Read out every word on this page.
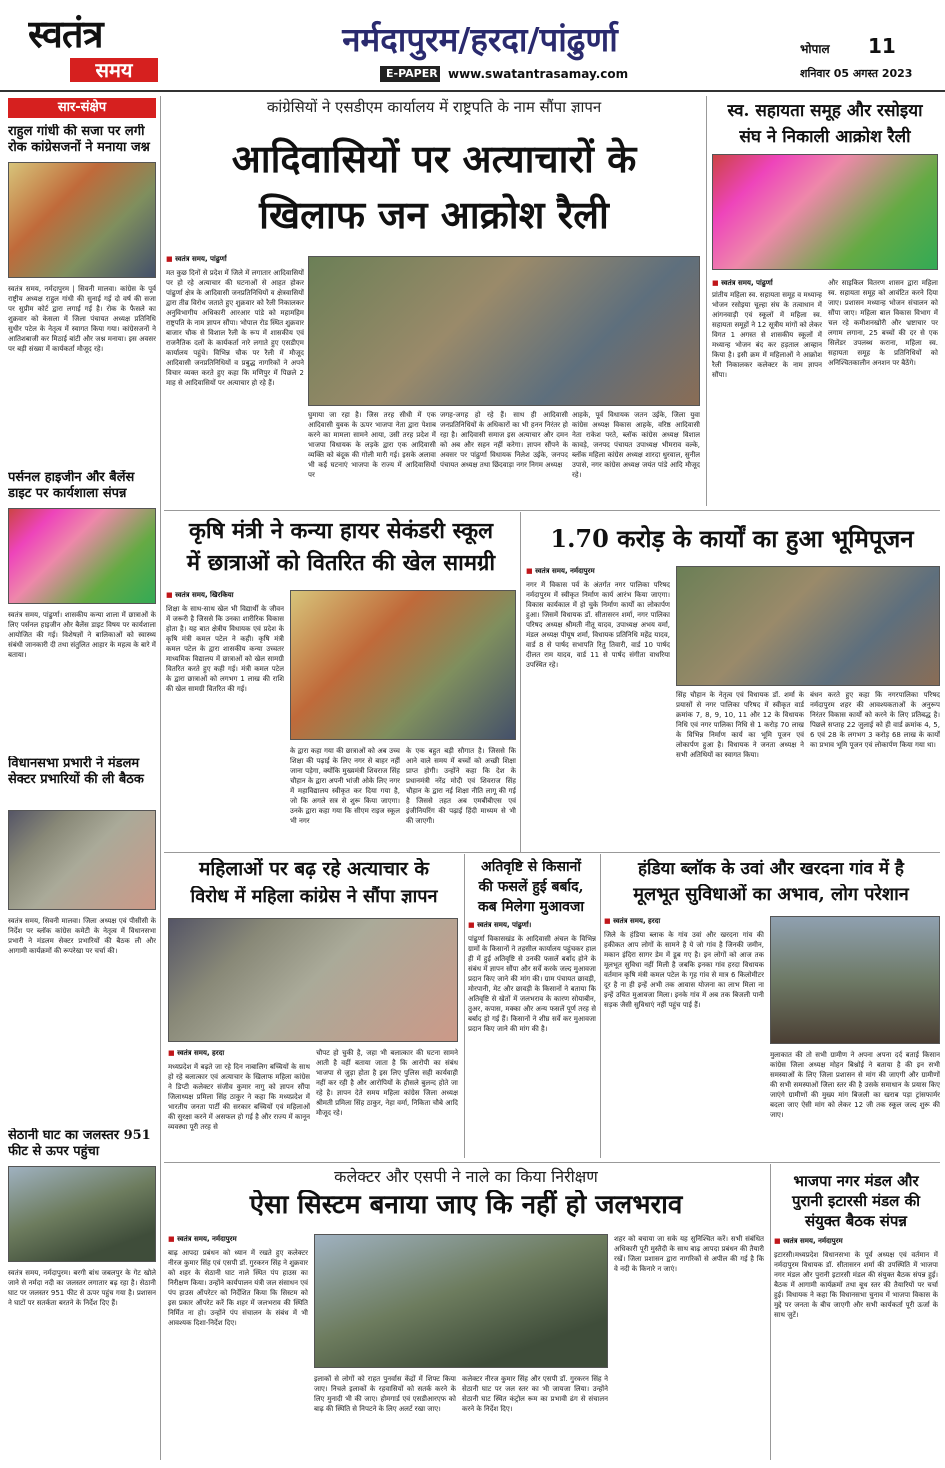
स्वतंत्र
समय
नर्मदापुरम/हरदा/पांढुर्णा
E-PAPER www.swatantrasamay.com
भोपाल	11
शनिवार 05 अगस्त 2023
सार-संक्षेप
राहुल गांधी की सजा पर लगी रोक कांग्रेसजनों ने मनाया जश्न
स्वतंत्र समय, नर्मदापुरम | सिवनी मालवा। कांग्रेस के पूर्व राष्ट्रीय अध्यक्ष राहुल गांधी की सुनाई गई दो वर्ष की सजा पर सुप्रीम कोर्ट द्वारा लगाई गई है। रोक के फैसले का शुक्रवार को केसला में जिला पंचायत अध्यक्ष प्रतिनिधि सुधीर पटेल के नेतृत्व में स्वागत किया गया। कांग्रेसजनों ने आतिशबाजी कर मिठाई बांटी और जश्न मनाया। इस अवसर पर बड़ी संख्या में कार्यकर्ता मौजूद रहे।
पर्सनल हाइजीन और बैलेंस डाइट पर कार्यशाला संपन्न
स्वतंत्र समय, पांढुर्णा। शासकीय कन्या शाला में छात्राओं के लिए पर्सनल हाइजीन और बैलेंस डाइट विषय पर कार्यशाला आयोजित की गई। विशेषज्ञों ने बालिकाओं को स्वास्थ्य संबंधी जानकारी दी तथा संतुलित आहार के महत्व के बारे में बताया।
विधानसभा प्रभारी ने मंडलम सेक्टर प्रभारियों की ली बैठक
स्वतंत्र समय, सिवनी मालवा। जिला अध्यक्ष एवं पीसीसी के निर्देश पर ब्लॉक कांग्रेस कमेटी के नेतृत्व में विधानसभा प्रभारी ने मंडलम सेक्टर प्रभारियों की बैठक ली और आगामी कार्यक्रमों की रूपरेखा पर चर्चा की।
सेठानी घाट का जलस्तर 951 फीट से ऊपर पहुंचा
स्वतंत्र समय, नर्मदापुरम। बरगी बांध जबलपुर के गेट खोले जाने से नर्मदा नदी का जलस्तर लगातार बढ़ रहा है। सेठानी घाट पर जलस्तर 951 फीट से ऊपर पहुंच गया है। प्रशासन ने घाटों पर सतर्कता बरतने के निर्देश दिए हैं।
कांग्रेसियों ने एसडीएम कार्यालय में राष्ट्रपति के नाम सौंपा ज्ञापन
आदिवासियों पर अत्याचारों के
खिलाफ जन आक्रोश रैली
■ स्वतंत्र समय, पांढुर्णा
मत कुछ दिनों से प्रदेश में जिले में लगातार आदिवासियों पर हो रहे अत्याचार की घटनाओं से आहत होकर पांढुर्णा क्षेत्र के आदिवासी जनप्रतिनिधियों व क्षेत्रवासियों द्वारा तीव्र विरोध जताते हुए शुक्रवार को रैली निकालकर अनुविभागीय अधिकारी आरआर पांडे को महामहिम राष्ट्रपति के नाम ज्ञापन सौंपा। भोपाल रोड स्थित शुक्रवार बाजार चौक से विशाल रैली के रूप में शासकीय एवं राजनैतिक दलों के कार्यकर्ता नारे लगाते हुए एसडीएम कार्यालय पहुंचे। विभिन्न चौक पर रैली में मौजूद आदिवासी जनप्रतिनिधियों व प्रबुद्ध नागरिकों ने अपने विचार व्यक्त करते हुए कहा कि मणिपुर में पिछले 2 माह से आदिवासियों पर अत्याचार हो रहे हैं।
घुमाया जा रहा है। जिस तरह सीधी में एक आदिवासी युवक के ऊपर भाजपा नेता द्वारा पेशाब करने का मामला सामने आया, उसी तरह प्रदेश में भाजपा विधायक के लड़के द्वारा एक आदिवासी व्यक्ति को बंदूक की गोली मारी गई। इसके अलावा भी कई घटनाएं भाजपा के राज्य में आदिवासियों पर
जगह-जगह हो रहे हैं। साथ ही आदिवासी जनप्रतिनिधियों के अधिकारों का भी हनन निरंतर हो रहा है। आदिवासी समाज इस अत्याचार और दमन को अब और सहन नहीं करेगा। ज्ञापन सौंपने के अवसर पर पांढुर्णा विधायक निलेश उईके, जनपद पंचायत अध्यक्ष तथा छिंदवाड़ा नगर निगम अध्यक्ष
आहके, पूर्व विधायक जतन उईके, जिला युवा कांग्रेस अध्यक्ष विकास आहके, वरिष्ठ आदिवासी नेता राकेश परते, ब्लॉक कांग्रेस अध्यक्ष विशाल कावड़े, जनपद पंचायत उपाध्यक्ष भीमराव वल्के, ब्लॉक महिला कांग्रेस अध्यक्ष शारदा धुरवाल, सुनील उपासे, नगर कांग्रेस अध्यक्ष जयंत पांडे आदि मौजूद रहे।
स्व. सहायता समूह और रसोइया
संघ ने निकाली आक्रोश रैली
■ स्वतंत्र समय, पांढुर्णा
प्रांतीय महिला स्व. सहायता समूह व मध्यान्ह भोजन रसोइया चूल्हा संघ के तत्वाधान में आंगनवाड़ी एवं स्कूलों में महिला स्व. सहायता समूहों ने 12 सूत्रीय मांगों को लेकर विगत 1 अगस्त से शासकीय स्कूलों में मध्यान्ह भोजन बंद कर हड़ताल आव्हान किया है। इसी क्रम में महिलाओं ने आक्रोश रैली निकालकर कलेक्टर के नाम ज्ञापन सौंपा।
और साइकिल वितरण शासन द्वारा महिला स्व. सहायता समूह को आवंटित करने दिया जाए। प्रशासन मध्यान्ह भोजन संचालन को सौंपा जाए। महिला बाल विकास विभाग में चल रहे कमीशनखोरी और भ्रष्टाचार पर लगाम लगाना, 25 बच्चों की दर से एक सिलेंडर उपलब्ध कराना, महिला स्व. सहायता समूह के प्रतिनिधियों को अनिश्चितकालीन अनशन पर बैठेंगे।
कृषि मंत्री ने कन्या हायर सेकंडरी स्कूल
में छात्राओं को वितरित की खेल सामग्री
■ स्वतंत्र समय, खिरकिया
शिक्षा के साथ-साथ खेल भी विद्यार्थी के जीवन में जरूरी है जिससे कि उनका शारीरिक विकास होता है। यह बात क्षेत्रीय विधायक एवं प्रदेश के कृषि मंत्री कमल पटेल ने कही। कृषि मंत्री कमल पटेल के द्वारा शासकीय कन्या उच्चतर माध्यमिक विद्यालय में छात्राओं को खेल सामग्री वितरित करते हुए कही गई। मंत्री कमल पटेल के द्वारा छात्राओं को लगभग 1 लाख की राशि की खेल सामग्री वितरित की गई।
के द्वारा कहा गया की छात्राओं को अब उच्च शिक्षा की पढ़ाई के लिए नगर से बाहर नहीं जाना पड़ेगा, क्योंकि मुख्यमंत्री शिवराज सिंह चौहान के द्वारा अपनी भांजी ओके लिए नगर में महाविद्यालय स्वीकृत कर दिया गया है, जो कि अगले सत्र से शुरू किया जाएगा। उनके द्वारा कहा गया कि सीएम राइज स्कूल भी नगर
के एक बहुत बड़ी सौगात है। जिससे कि आने वाले समय में बच्चों को अच्छी शिक्षा प्राप्त होगी। उन्होंने कहा कि देश के प्रधानमंत्री नरेंद्र मोदी एवं शिवराज सिंह चौहान के द्वारा नई शिक्षा नीति लागू की गई है जिससे तहत अब एमबीबीएस एवं इंजीनियरिंग की पढ़ाई हिंदी माध्यम से भी की जाएगी।
1.70 करोड़ के कार्यों का हुआ भूमिपूजन
■ स्वतंत्र समय, नर्मदापुरम
नगर में विकास पर्व के अंतर्गत नगर पालिका परिषद नर्मदापुरम में स्वीकृत निर्माण कार्य आरंभ किया जाएगा। विकास कार्यकाल में हो चुके निर्माण कार्यों का लोकार्पण हुआ। जिसमें विधायक डॉ. सीतासरन शर्मा, नगर पालिका परिषद अध्यक्ष श्रीमती नीतू यादव, उपाध्यक्ष अभय वर्मा, मंडल अध्यक्ष पीयूष शर्मा, विधायक प्रतिनिधि महेंद्र यादव, वार्ड 8 से पार्षद सभापति रितु तिवारी, वार्ड 10 पार्षद दीलत राम यादव, वार्ड 11 से पार्षद संगीता वाधरिया उपस्थित रहे।
सिंह चौहान के नेतृत्व एवं विधायक डॉ. शर्मा के प्रयासों से नगर पालिका परिषद में स्वीकृत वार्ड क्रमांक 7, 8, 9, 10, 11 और 12 के विधायक निधि एवं नगर पालिका निधि से 1 करोड़ 70 लाख के विभिन्न निर्माण कार्य का भूमि पूजन एवं लोकार्पण हुआ है। विधायक ने जनता अध्यक्ष ने सभी अतिथियों का स्वागत किया।
बंधन करते हुए कहा कि नगरपालिका परिषद नर्मदापुरम शहर की आवश्यकताओं के अनुरूप निरंतर विकास कार्यों को करने के लिए प्रतिबद्ध है। पिछले सप्ताह 22 जुलाई को ही वार्ड क्रमांक 4, 5, 6 एवं 28 के लगभग 3 करोड़ 68 लाख के कार्यों का प्रभाव भूमि पूजन एवं लोकार्पण किया गया था।
महिलाओं पर बढ़ रहे अत्याचार के
विरोध में महिला कांग्रेस ने सौंपा ज्ञापन
■ स्वतंत्र समय, हरदा
मध्यप्रदेश में बढ़ते जा रहे दिन नाबालिग बच्चियों के साथ हो रहे बलात्कार एवं अत्याचार के खिलाफ महिला कांग्रेस ने डिप्टी कलेक्टर संजीव कुमार नागु को ज्ञापन सौंपा जिलाध्यक्ष प्रमिला सिंह ठाकुर ने कहा कि मध्यप्रदेश में भारतीय जनता पार्टी की सरकार बच्चियों एवं महिलाओं की सुरक्षा करने में असफल हो गई है और राज्य में कानून व्यवस्था पूरी तरह से
चौपट हो चुकी है, जहा भी बलात्कार की घटना सामने आती है वहीं बताया जाता है कि आरोपी का संबंध भाजपा से जुड़ा होता है इस लिए पुलिस सही कार्यवाही नहीं कर रही है और आरोपियों के हौसले बुलन्द होते जा रहे है। ज्ञापन देते समय महिला कांग्रेस जिला अध्यक्ष श्रीमती प्रमिला सिंह ठाकुर, नेहा वर्मा, निकिता चौबे आदि मौजूद रहे।
अतिवृष्टि से किसानों
की फसलें हुई बर्बाद,
कब मिलेगा मुआवजा
■ स्वतंत्र समय, पांढुर्णा।
पांढुर्णा विकासखंड के आदिवासी अंचल के विभिन्न ग्रामों के किसानों ने तहसील कार्यालय पहुंचकर हाल ही में हुई अतिवृष्टि से उनकी फसलें बर्बाद होने के संबंध में ज्ञापन सौंपा और सर्वे करके जल्द मुआवजा प्रदान किए जाने की मांग की। ग्राम पंचायत छावड़ी, मोरपानी, मेट और छावड़ी के किसानों ने बताया कि अतिवृष्टि से खेतों में जलभराव के कारण सोयाबीन, तुअर, कपास, मक्का और अन्य फसलें पूर्ण तरह से बर्बाद हो गई हैं। किसानों ने शीघ्र सर्वे कर मुआवजा प्रदान किए जाने की मांग की है।
हंडिया ब्लॉक के उवां और खरदना गांव में है
मूलभूत सुविधाओं का अभाव, लोग परेशान
■ स्वतंत्र समय, हरदा
जिले के हंडिया ब्लाक के गांव उवां और खरदना गांव की हकीकत आप लोगों के सामने है ये जो गांव है जिनकी जमीन, मकान इंदिरा सागर डेम में डूब गए है। इन लोगों को आज तक मूलभूत सुविधा नहीं मिली है जबकि इनका गांव हरदा विधायक वर्तमान कृषि मंत्री कमल पटेल के गृह गांव से मात्र 6 किलोमीटर दूर है ना ही इन्हें अभी तक आवास योजना का लाभ मिला ना इन्हें उचित मुआवजा मिला। इनके गांव में अब तक बिजली पानी सड़क जैसी सुविधाएं नहीं पहुंच पाई हैं।
मुलाकात की तो सभी ग्रामीण ने अपना अपना दर्द बताई किसान कांग्रेस जिला अध्यक्ष मोहन बिश्नोई ने बताया है की इन सभी समस्याओं के लिए जिला प्रशासन से मांग की जाएगी और ग्रामीणों की सभी समस्याओं जिला स्तर की है उसके समाधान के प्रयास किए जाएंगे ग्रामीणों की मुख्य मांग बिजली का खराब पड़ा ट्रांसफार्मर बदला जाए ऐसी मांग को लेकर 12 जी तक स्कूल जल्द शुरू की जाए।
कलेक्टर और एसपी ने नाले का किया निरीक्षण
ऐसा सिस्टम बनाया जाए कि नहीं हो जलभराव
■ स्वतंत्र समय, नर्मदापुरम
बाढ़ आपदा प्रबंधन को ध्यान में रखते हुए कलेक्टर नीरज कुमार सिंह एवं एसपी डॉ. गुरकरन सिंह ने शुक्रवार को शहर के सेठानी घाट नाले स्थित पंप हाउस का निरीक्षण किया। उन्होंने कार्यपालन यंत्री जल संसाधन एवं पंप हाउस ऑपरेटर को निर्देशित किया कि सिस्टम को इस प्रकार ऑपरेट करें कि शहर में जलभराव की स्थिति निर्मित ना हो। उन्होंने पंप संचालन के संबंध में भी आवश्यक दिशा-निर्देश दिए।
इलाकों से लोगों को राहत पुनर्वास केंद्रों में शिफ्ट किया जाए। निचले इलाकों के रहवासियों को सतर्क करने के लिए मुनादी भी की जाए। होमगार्ड एवं एसडीआरएफ को बाढ़ की स्थिति से निपटने के लिए अलर्ट रखा जाए।
कलेक्टर नीरज कुमार सिंह और एसपी डॉ. गुरकरन सिंह ने सेठानी घाट पर जल स्तर का भी जायजा लिया। उन्होंने सेठानी घाट स्थित कंट्रोल रूम का प्रभावी ढंग से संचालन करने के निर्देश दिए।
शहर को बचाया जा सके यह सुनिश्चित करें। सभी संबंधित अधिकारी पूरी मुस्तैदी के साथ बाढ़ आपदा प्रबंधन की तैयारी रखें। जिला प्रशासन द्वारा नागरिकों से अपील की गई है कि वे नदी के किनारे न जाएं।
भाजपा नगर मंडल और
पुरानी इटारसी मंडल की
संयुक्त बैठक संपन्न
■ स्वतंत्र समय, नर्मदापुरम
इटारसी।मध्यप्रदेश विधानसभा के पूर्व अध्यक्ष एवं वर्तमान में नर्मदापुरम विधायक डॉ. सीतासरन शर्मा की उपस्थिति में भाजपा नगर मंडल और पुरानी इटारसी मंडल की संयुक्त बैठक संपन्न हुई। बैठक में आगामी कार्यक्रमों तथा बूथ स्तर की तैयारियों पर चर्चा हुई। विधायक ने कहा कि विधानसभा चुनाव में भाजपा विकास के मुद्दे पर जनता के बीच जाएगी और सभी कार्यकर्ता पूरी ऊर्जा के साथ जुटें।
